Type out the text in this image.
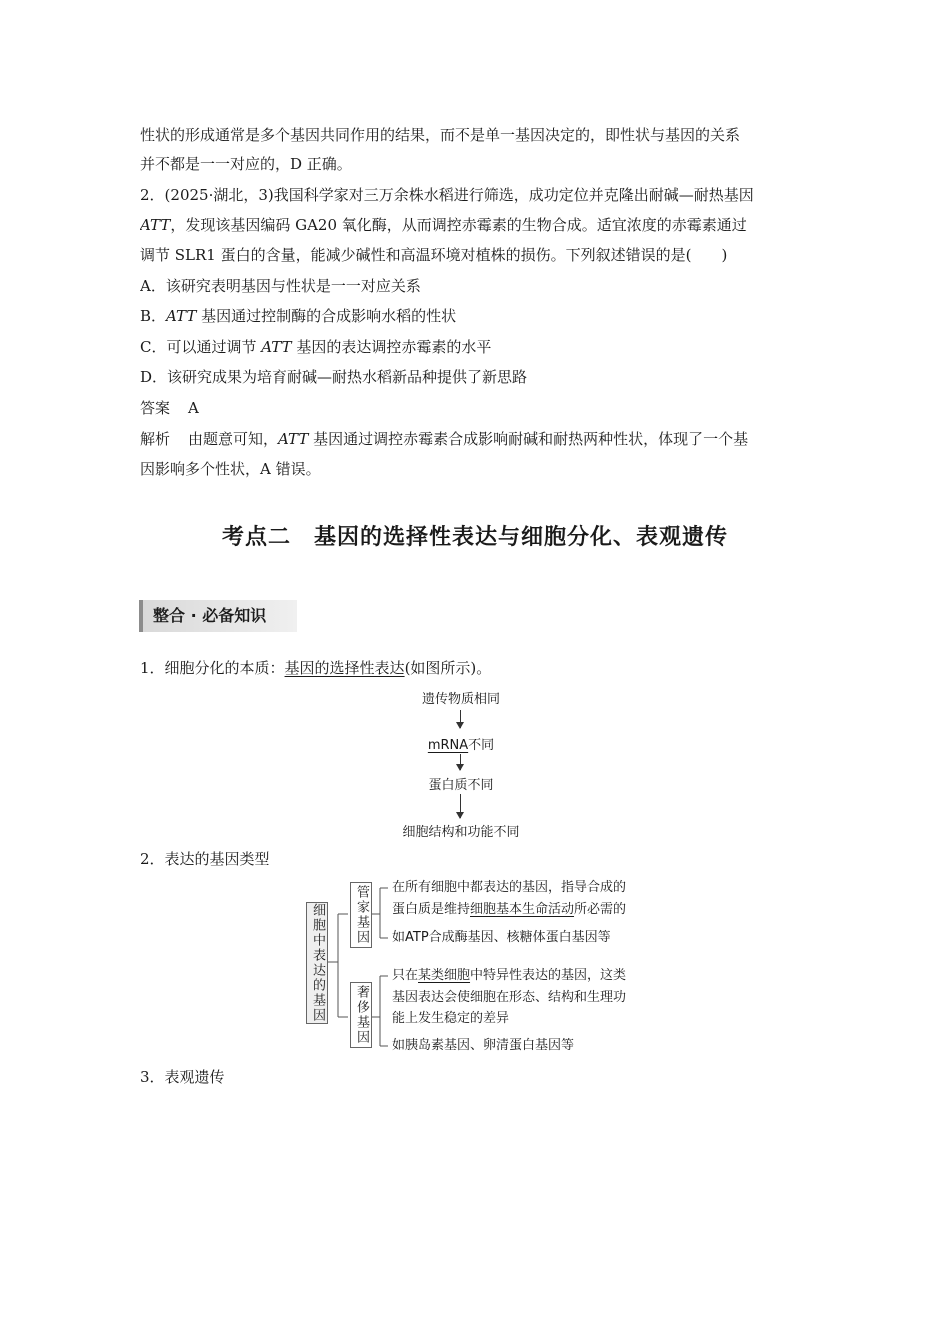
性状的形成通常是多个基因共同作用的结果，而不是单一基因决定的，即性状与基因的关系
并不都是一一对应的，D 正确。
2．(2025·湖北，3)我国科学家对三万余株水稻进行筛选，成功定位并克隆出耐碱—耐热基因
ATT，发现该基因编码 GA20 氧化酶，从而调控赤霉素的生物合成。适宜浓度的赤霉素通过
调节 SLR1 蛋白的含量，能减少碱性和高温环境对植株的损伤。下列叙述错误的是(　　)
A．该研究表明基因与性状是一一对应关系
B．ATT 基因通过控制酶的合成影响水稻的性状
C．可以通过调节 ATT 基因的表达调控赤霉素的水平
D．该研究成果为培育耐碱—耐热水稻新品种提供了新思路
答案 A
解析 由题意可知，ATT 基因通过调控赤霉素合成影响耐碱和耐热两种性状，体现了一个基
因影响多个性状，A 错误。
考点二　基因的选择性表达与细胞分化、表观遗传
整合 · 必备知识
1．细胞分化的本质：基因的选择性表达(如图所示)。
遗传物质相同
mRNA不同
蛋白质不同
细胞结构和功能不同
2．表达的基因类型
细胞中表达的基因	管家基因
奢侈基因
在所有细胞中都表达的基因，指导合成的
蛋白质是维持细胞基本生命活动所必需的
如ATP合成酶基因、核糖体蛋白基因等
只在某类细胞中特异性表达的基因，这类
基因表达会使细胞在形态、结构和生理功
能上发生稳定的差异
如胰岛素基因、卵清蛋白基因等
3．表观遗传
